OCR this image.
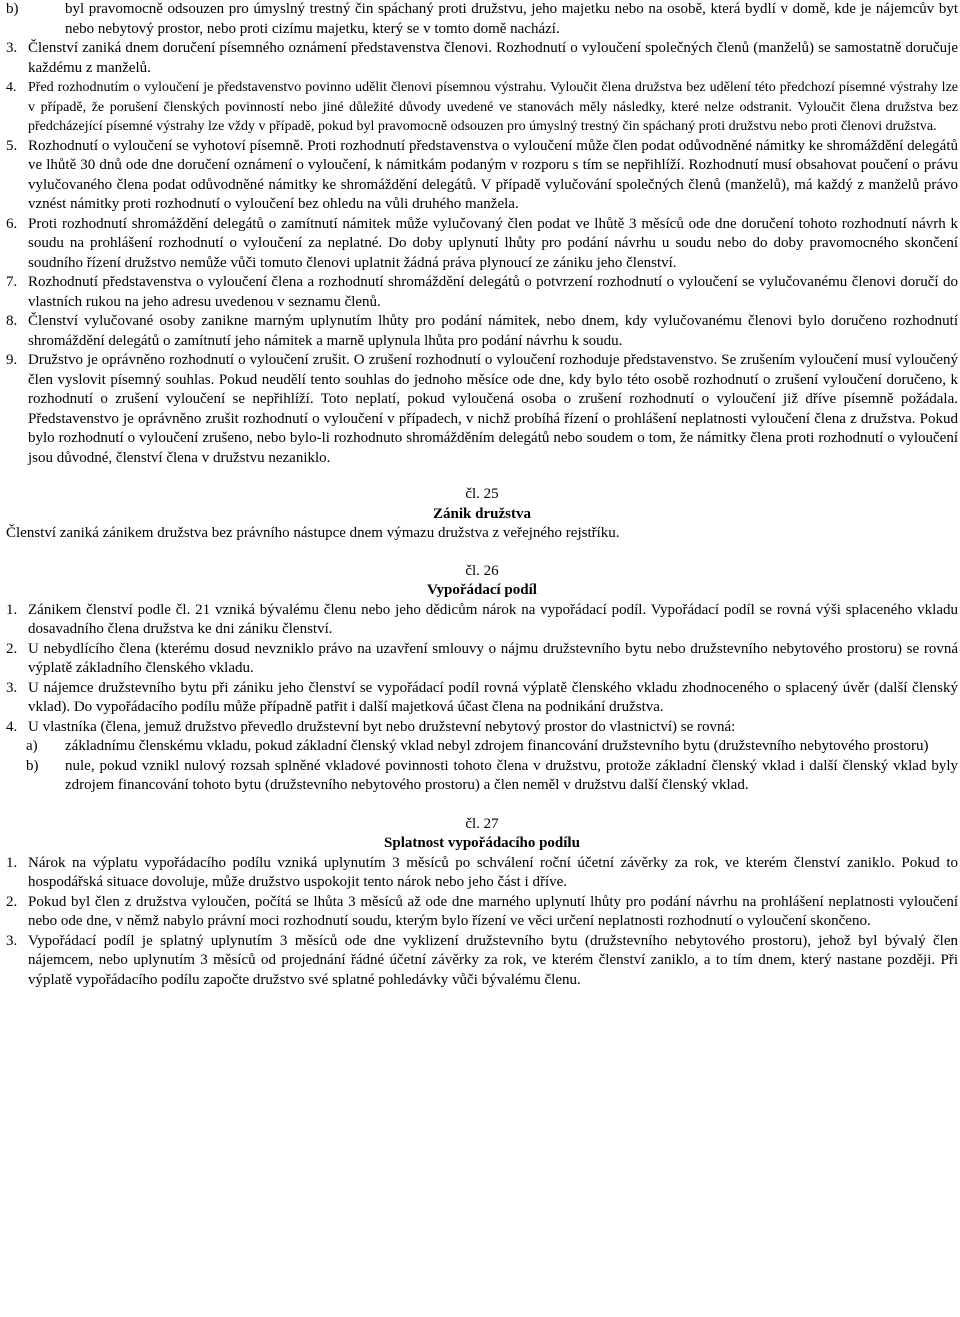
b)	byl pravomocně odsouzen pro úmyslný trestný čin spáchaný proti družstvu, jeho majetku nebo na osobě, která bydlí v domě, kde je nájemcův byt nebo nebytový prostor, nebo proti cizímu majetku, který se v tomto domě nachází.

3. Členství zaniká dnem doručení písemného oznámení představenstva členovi. Rozhodnutí o vyloučení společných členů (manželů) se samostatně doručuje každému z manželů.

4. Před rozhodnutím o vyloučení je představenstvo povinno udělit členovi písemnou výstrahu. Vyloučit člena družstva bez udělení této předchozí písemné výstrahy lze v případě, že porušení členských povinností nebo jiné důležité důvody uvedené ve stanovách měly následky, které nelze odstranit. Vyloučit člena družstva bez předcházející písemné výstrahy lze vždy v případě, pokud byl pravomocně odsouzen pro úmyslný trestný čin spáchaný proti družstvu nebo proti členovi družstva.

5. Rozhodnutí o vyloučení se vyhotoví písemně. Proti rozhodnutí představenstva o vyloučení může člen podat odůvodněné námitky ke shromáždění delegátů ve lhůtě 30 dnů ode dne doručení oznámení o vyloučení, k námitkám podaným v rozporu s tím se nepřihlíží. Rozhodnutí musí obsahovat poučení o právu vylučovaného člena podat odůvodněné námitky ke shromáždění delegátů. V případě vylučování společných členů (manželů), má každý z manželů právo vznést námitky proti rozhodnutí o vyloučení bez ohledu na vůli druhého manžela.

6. Proti rozhodnutí shromáždění delegátů o zamítnutí námitek může vylučovaný člen podat ve lhůtě 3 měsíců ode dne doručení tohoto rozhodnutí návrh k soudu na prohlášení rozhodnutí o vyloučení za neplatné. Do doby uplynutí lhůty pro podání návrhu u soudu nebo do doby pravomocného skončení soudního řízení družstvo nemůže vůči tomuto členovi uplatnit žádná práva plynoucí ze zániku jeho členství.

7. Rozhodnutí představenstva o vyloučení člena a rozhodnutí shromáždění delegátů o potvrzení rozhodnutí o vyloučení se vylučovanému členovi doručí do vlastních rukou na jeho adresu uvedenou v seznamu členů.

8. Členství vylučované osoby zanikne marným uplynutím lhůty pro podání námitek, nebo dnem, kdy vylučovanému členovi bylo doručeno rozhodnutí shromáždění delegátů o zamítnutí jeho námitek a marně uplynula lhůta pro podání návrhu k soudu.

9. Družstvo je oprávněno rozhodnutí o vyloučení zrušit. O zrušení rozhodnutí o vyloučení rozhoduje představenstvo. Se zrušením vyloučení musí vyloučený člen vyslovit písemný souhlas. Pokud neudělí tento souhlas do jednoho měsíce ode dne, kdy bylo této osobě rozhodnutí o zrušení vyloučení doručeno, k rozhodnutí o zrušení vyloučení se nepřihlíží. Toto neplatí, pokud vyloučená osoba o zrušení rozhodnutí o vyloučení již dříve písemně požádala. Představenstvo je oprávněno zrušit rozhodnutí o vyloučení v případech, v nichž probíhá řízení o prohlášení neplatnosti vyloučení člena z družstva. Pokud bylo rozhodnutí o vyloučení zrušeno, nebo bylo-li rozhodnuto shromážděním delegátů nebo soudem o tom, že námitky člena proti rozhodnutí o vyloučení jsou důvodné, členství člena v družstvu nezaniklo.

čl. 25

Zánik družstva

Členství zaniká zánikem družstva bez právního nástupce dnem výmazu družstva z veřejného rejstříku.

čl. 26

Vypořádací podíl

1. Zánikem členství podle čl. 21 vzniká bývalému členu nebo jeho dědicům nárok na vypořádací podíl. Vypořádací podíl se rovná výši splaceného vkladu dosavadního člena družstva ke dni zániku členství.

2. U nebydlícího člena (kterému dosud nevzniklo právo na uzavření smlouvy o nájmu družstevního bytu nebo družstevního nebytového prostoru) se rovná výplatě základního členského vkladu.

3. U nájemce družstevního bytu při zániku jeho členství se vypořádací podíl rovná výplatě členského vkladu zhodnoceného o splacený úvěr (další členský vklad). Do vypořádacího podílu může případně patřit i další majetková účast člena na podnikání družstva.

4. U vlastníka (člena, jemuž družstvo převedlo družstevní byt nebo družstevní nebytový prostor do vlastnictví) se rovná:

a) základnímu členskému vkladu, pokud základní členský vklad nebyl zdrojem financování družstevního bytu (družstevního nebytového prostoru)

b) nule, pokud vznikl nulový rozsah splněné vkladové povinnosti tohoto člena v družstvu, protože základní členský vklad i další členský vklad byly zdrojem financování tohoto bytu (družstevního nebytového prostoru) a člen neměl v družstvu další členský vklad.

čl. 27

Splatnost vypořádacího podílu

1. Nárok na výplatu vypořádacího podílu vzniká uplynutím 3 měsíců po schválení roční účetní závěrky za rok, ve kterém členství zaniklo. Pokud to hospodářská situace dovoluje, může družstvo uspokojit tento nárok nebo jeho část i dříve.

2. Pokud byl člen z družstva vyloučen, počítá se lhůta 3 měsíců až ode dne marného uplynutí lhůty pro podání návrhu na prohlášení neplatnosti vyloučení nebo ode dne, v němž nabylo právní moci rozhodnutí soudu, kterým bylo řízení ve věci určení neplatnosti rozhodnutí o vyloučení skončeno.

3. Vypořádací podíl je splatný uplynutím 3 měsíců ode dne vyklizení družstevního bytu (družstevního nebytového prostoru), jehož byl bývalý člen nájemcem, nebo uplynutím 3 měsíců od projednání řádné účetní závěrky za rok, ve kterém členství zaniklo, a to tím dnem, který nastane později. Při výplatě vypořádacího podílu započte družstvo své splatné pohledávky vůči bývalému členu.
